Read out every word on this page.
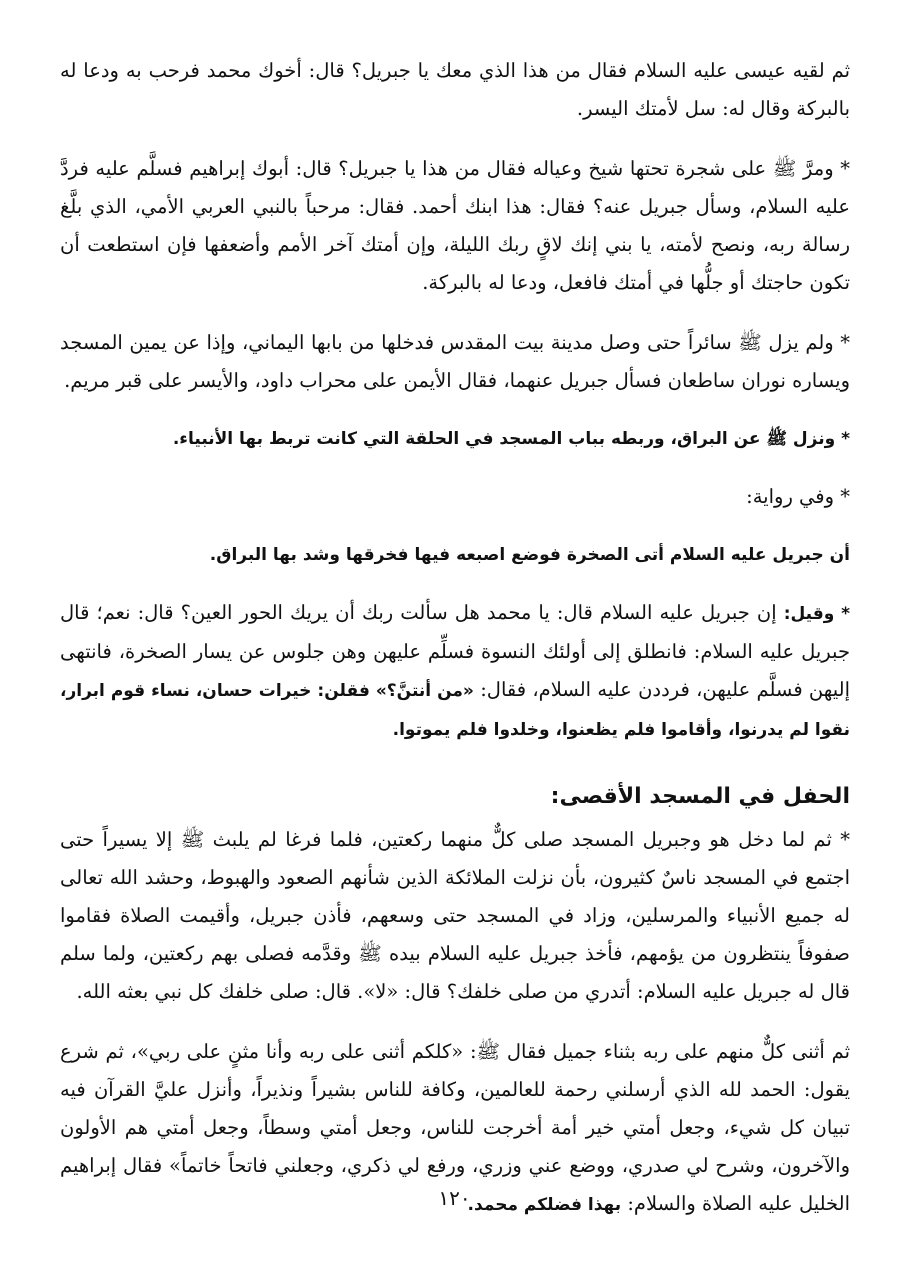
ثم لقيه عيسى عليه السلام فقال من هذا الذي معك يا جبريل؟ قال: أخوك محمد فرحب به ودعا له بالبركة وقال له: سل لأمتك اليسر.

* ومرَّ ﷺ على شجرة تحتها شيخ وعياله فقال من هذا يا جبريل؟ قال: أبوك إبراهيم فسلَّم عليه فردَّ عليه السلام، وسأل جبريل عنه؟ فقال: هذا ابنك أحمد. فقال: مرحباً بالنبي العربي الأمي، الذي بلَّغ رسالة ربه، ونصح لأمته، يا بني إنك لاقٍ ربك الليلة، وإن أمتك آخر الأمم وأضعفها فإن استطعت أن تكون حاجتك أو جلُّها في أمتك فافعل، ودعا له بالبركة.

* ولم يزل ﷺ سائراً حتى وصل مدينة بيت المقدس فدخلها من بابها اليماني، وإذا عن يمين المسجد ويساره نوران ساطعان فسأل جبريل عنهما، فقال الأيمن على محراب داود، والأيسر على قبر مريم.

* ونزل ﷺ عن البراق، وربطه بباب المسجد في الحلقة التي كانت تربط بها الأنبياء.

* وفي رواية:

أن جبريل عليه السلام أتى الصخرة فوضع اصبعه فيها فخرقها وشد بها البراق.

* وقيل: إن جبريل عليه السلام قال: يا محمد هل سألت ربك أن يريك الحور العين؟ قال: نعم؛ قال جبريل عليه السلام: فانطلق إلى أولئك النسوة فسلِّم عليهن وهن جلوس عن يسار الصخرة، فانتهى إليهن فسلَّم عليهن، فرددن عليه السلام، فقال: «من أنتنَّ؟» فقلن: خيرات حسان، نساء قوم ابرار، نقوا لم يدرنوا، وأقاموا فلم يظعنوا، وخلدوا فلم يموتوا.

الحفل في المسجد الأقصى:

* ثم لما دخل هو وجبريل المسجد صلى كلٌّ منهما ركعتين، فلما فرغا لم يلبث ﷺ إلا يسيراً حتى اجتمع في المسجد ناسٌ كثيرون، بأن نزلت الملائكة الذين شأنهم الصعود والهبوط، وحشد الله تعالى له جميع الأنبياء والمرسلين، وزاد في المسجد حتى وسعهم، فأذن جبريل، وأقيمت الصلاة فقاموا صفوفاً ينتظرون من يؤمهم، فأخذ جبريل عليه السلام بيده ﷺ وقدَّمه فصلى بهم ركعتين، ولما سلم قال له جبريل عليه السلام: أتدري من صلى خلفك؟ قال: «لا». قال: صلى خلفك كل نبي بعثه الله.

ثم أثنى كلٌّ منهم على ربه بثناء جميل فقال ﷺ: «كلكم أثنى على ربه وأنا مثنٍ على ربي»، ثم شرع يقول: الحمد لله الذي أرسلني رحمة للعالمين، وكافة للناس بشيراً ونذيراً، وأنزل عليَّ القرآن فيه تبيان كل شيء، وجعل أمتي خير أمة أخرجت للناس، وجعل أمتي وسطاً، وجعل أمتي هم الأولون والآخرون، وشرح لي صدري، ووضع عني وزري، ورفع لي ذكري، وجعلني فاتحاً خاتماً» فقال إبراهيم الخليل عليه الصلاة والسلام: بهذا فضلكم محمد.

١٢٠
